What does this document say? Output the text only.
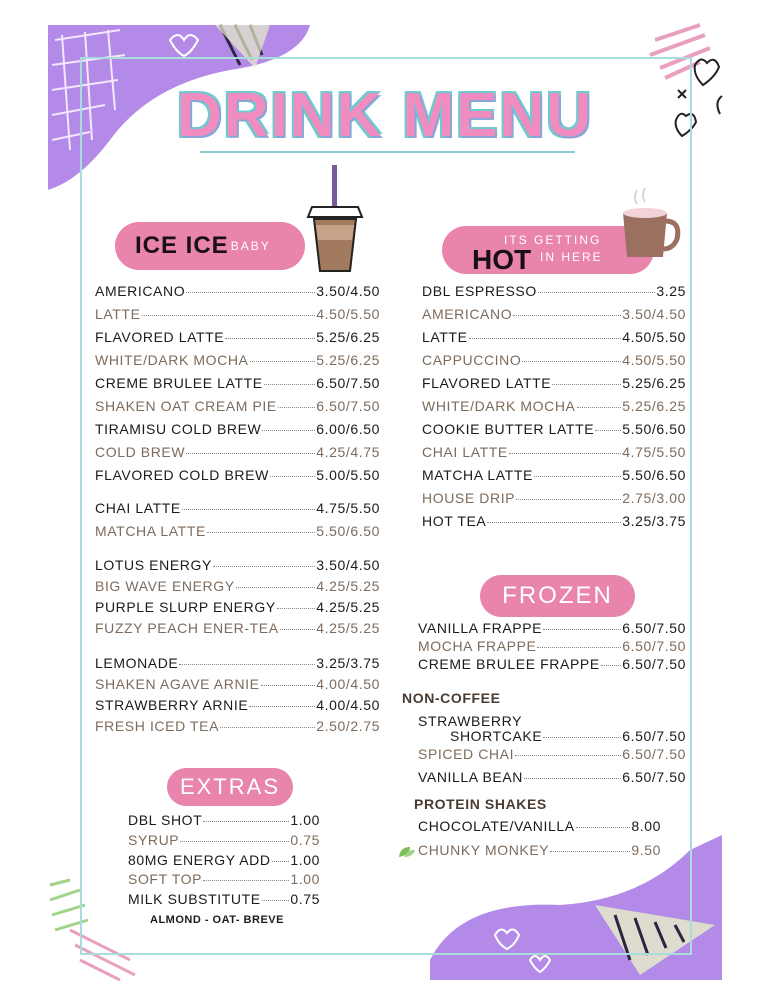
DRINK MENU
ICE ICE BABY	HOT
ITS GETTING
IN HERE
AMERICANO	3.50/4.50
LATTE	4.50/5.50
FLAVORED LATTE	5.25/6.25
WHITE/DARK MOCHA	5.25/6.25
CREME BRULEE LATTE	6.50/7.50
SHAKEN OAT CREAM PIE	6.50/7.50
TIRAMISU COLD BREW	6.00/6.50
COLD BREW	4.25/4.75
FLAVORED COLD BREW	5.00/5.50
CHAI LATTE	4.75/5.50
MATCHA LATTE	5.50/6.50
LOTUS ENERGY	3.50/4.50
BIG WAVE ENERGY	4.25/5.25
PURPLE SLURP ENERGY	4.25/5.25
FUZZY PEACH ENER-TEA	4.25/5.25
LEMONADE	3.25/3.75
SHAKEN AGAVE ARNIE	4.00/4.50
STRAWBERRY ARNIE	4.00/4.50
FRESH ICED TEA	2.50/2.75
DBL ESPRESSO	3.25
AMERICANO	3.50/4.50
LATTE	4.50/5.50
CAPPUCCINO	4.50/5.50
FLAVORED LATTE	5.25/6.25
WHITE/DARK MOCHA	5.25/6.25
COOKIE BUTTER LATTE 5.50/6.50
CHAI LATTE	4.75/5.50
MATCHA LATTE	5.50/6.50
HOUSE DRIP	2.75/3.00
HOT TEA	3.25/3.75
FROZEN
VANILLA FRAPPE	6.50/7.50
MOCHA FRAPPE	6.50/7.50
CREME BRULEE FRAPPE 6.50/7.50
NON-COFFEE
STRAWBERRY
SHORTCAKE	6.50/7.50
SPICED CHAI	6.50/7.50
VANILLA BEAN	6.50/7.50
PROTEIN SHAKES
CHOCOLATE/VANILLA	8.00
CHUNKY MONKEY	9.50
EXTRAS
DBL SHOT	1.00
SYRUP	0.75
80MG ENERGY ADD 1.00
SOFT TOP	1.00
MILK SUBSTITUTE 0.75
ALMOND - OAT- BREVE
